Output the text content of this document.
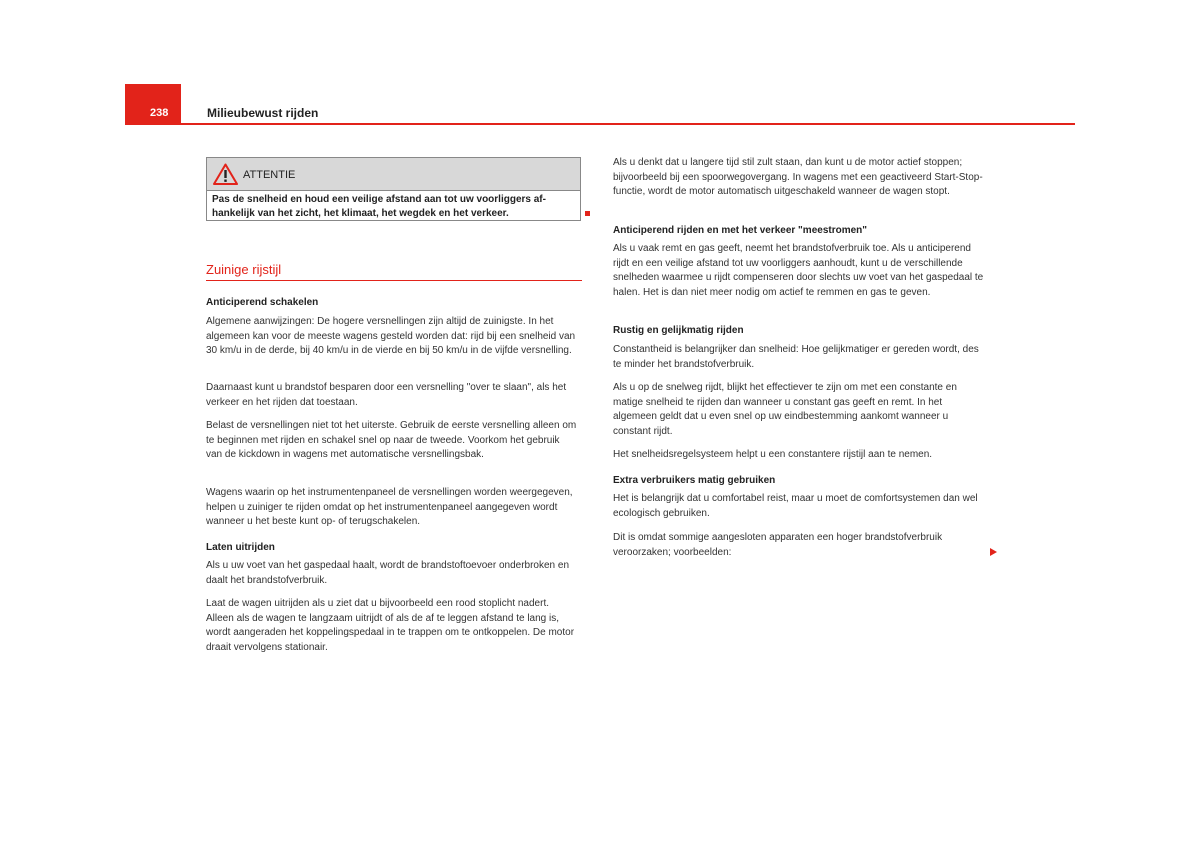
238	Milieubewust rijden
ATTENTIE
Pas de snelheid en houd een veilige afstand aan tot uw voorliggers af-hankelijk van het zicht, het klimaat, het wegdek en het verkeer.
Zuinige rijstijl
Anticiperend schakelen
Algemene aanwijzingen: De hogere versnellingen zijn altijd de zuinigste. In het algemeen kan voor de meeste wagens gesteld worden dat: rijd bij een snelheid van 30 km/u in de derde, bij 40 km/u in de vierde en bij 50 km/u in de vijfde versnelling.
Daarnaast kunt u brandstof besparen door een versnelling "over te slaan", als het verkeer en het rijden dat toestaan.
Belast de versnellingen niet tot het uiterste. Gebruik de eerste versnelling alleen om te beginnen met rijden en schakel snel op naar de tweede. Voorkom het gebruik van de kickdown in wagens met automatische versnellingsbak.
Wagens waarin op het instrumentenpaneel de versnellingen worden weergegeven, helpen u zuiniger te rijden omdat op het instrumentenpaneel aangegeven wordt wanneer u het beste kunt op- of terugschakelen.
Laten uitrijden
Als u uw voet van het gaspedaal haalt, wordt de brandstoftoevoer onderbroken en daalt het brandstofverbruik.
Laat de wagen uitrijden als u ziet dat u bijvoorbeeld een rood stoplicht nadert. Alleen als de wagen te langzaam uitrijdt of als de af te leggen afstand te lang is, wordt aangeraden het koppelingspedaal in te trappen om te ontkoppelen. De motor draait vervolgens stationair.
Als u denkt dat u langere tijd stil zult staan, dan kunt u de motor actief stoppen; bijvoorbeeld bij een spoorwegovergang. In wagens met een geactiveerd Start-Stop-functie, wordt de motor automatisch uitgeschakeld wanneer de wagen stopt.
Anticiperend rijden en met het verkeer "meestromen"
Als u vaak remt en gas geeft, neemt het brandstofverbruik toe. Als u anticiperend rijdt en een veilige afstand tot uw voorliggers aanhoudt, kunt u de verschillende snelheden waarmee u rijdt compenseren door slechts uw voet van het gaspedaal te halen. Het is dan niet meer nodig om actief te remmen en gas te geven.
Rustig en gelijkmatig rijden
Constantheid is belangrijker dan snelheid: Hoe gelijkmatiger er gereden wordt, des te minder het brandstofverbruik.
Als u op de snelweg rijdt, blijkt het effectiever te zijn om met een constante en matige snelheid te rijden dan wanneer u constant gas geeft en remt. In het algemeen geldt dat u even snel op uw eindbestemming aankomt wanneer u constant rijdt.
Het snelheidsregelsysteem helpt u een constantere rijstijl aan te nemen.
Extra verbruikers matig gebruiken
Het is belangrijk dat u comfortabel reist, maar u moet de comfortsystemen dan wel ecologisch gebruiken.
Dit is omdat sommige aangesloten apparaten een hoger brandstofverbruik veroorzaken; voorbeelden:
